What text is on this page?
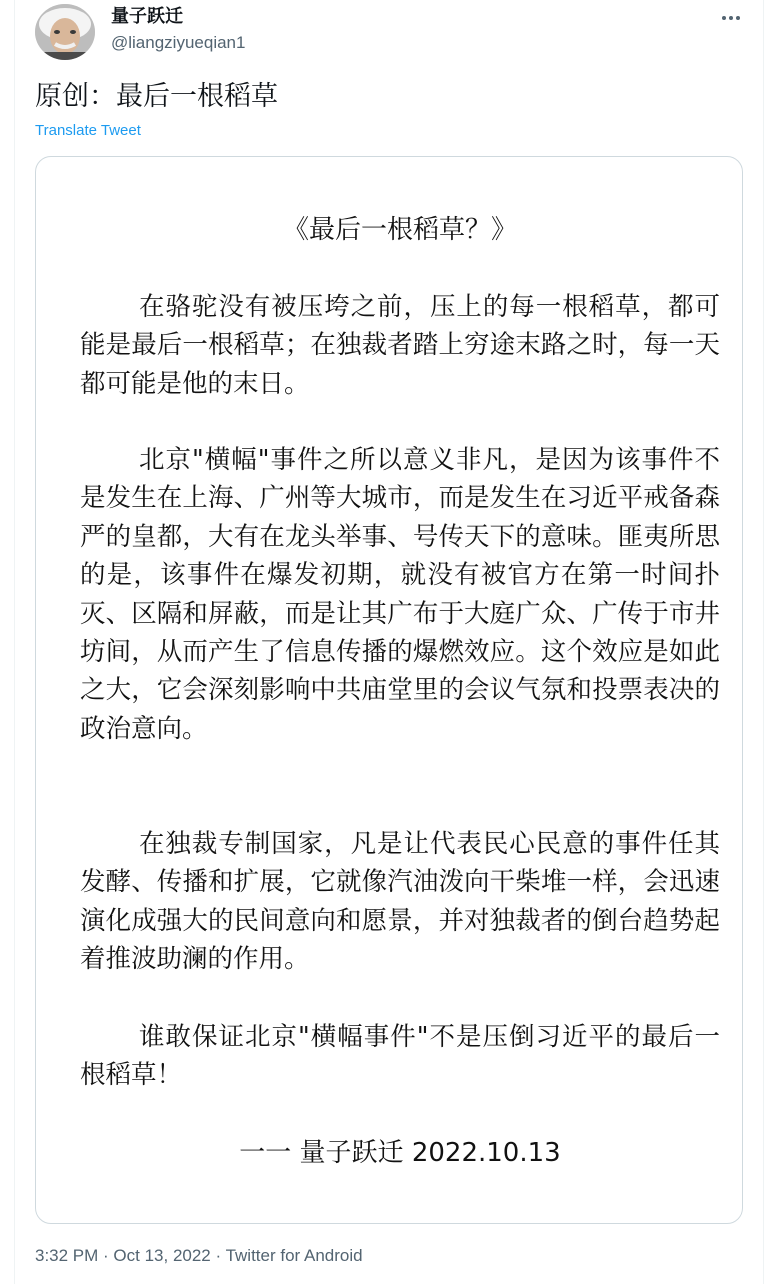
量子跃迁
@liangziyueqian1
原创：最后一根稻草
Translate Tweet
《最后一根稻草？》
在骆驼没有被压垮之前，压上的每一根稻草，都可能是最后一根稻草；在独裁者踏上穷途末路之时，每一天都可能是他的末日。
北京"横幅"事件之所以意义非凡，是因为该事件不是发生在上海、广州等大城市，而是发生在习近平戒备森严的皇都，大有在龙头举事、号传天下的意味。匪夷所思的是，该事件在爆发初期，就没有被官方在第一时间扑灭、区隔和屏蔽，而是让其广布于大庭广众、广传于市井坊间，从而产生了信息传播的爆燃效应。这个效应是如此之大，它会深刻影响中共庙堂里的会议气氛和投票表决的政治意向。
在独裁专制国家，凡是让代表民心民意的事件任其发酵、传播和扩展，它就像汽油泼向干柴堆一样，会迅速演化成强大的民间意向和愿景，并对独裁者的倒台趋势起着推波助澜的作用。
谁敢保证北京"横幅事件"不是压倒习近平的最后一根稻草！
一一 量子跃迁 2022.10.13
3:32 PM · Oct 13, 2022 · Twitter for Android
